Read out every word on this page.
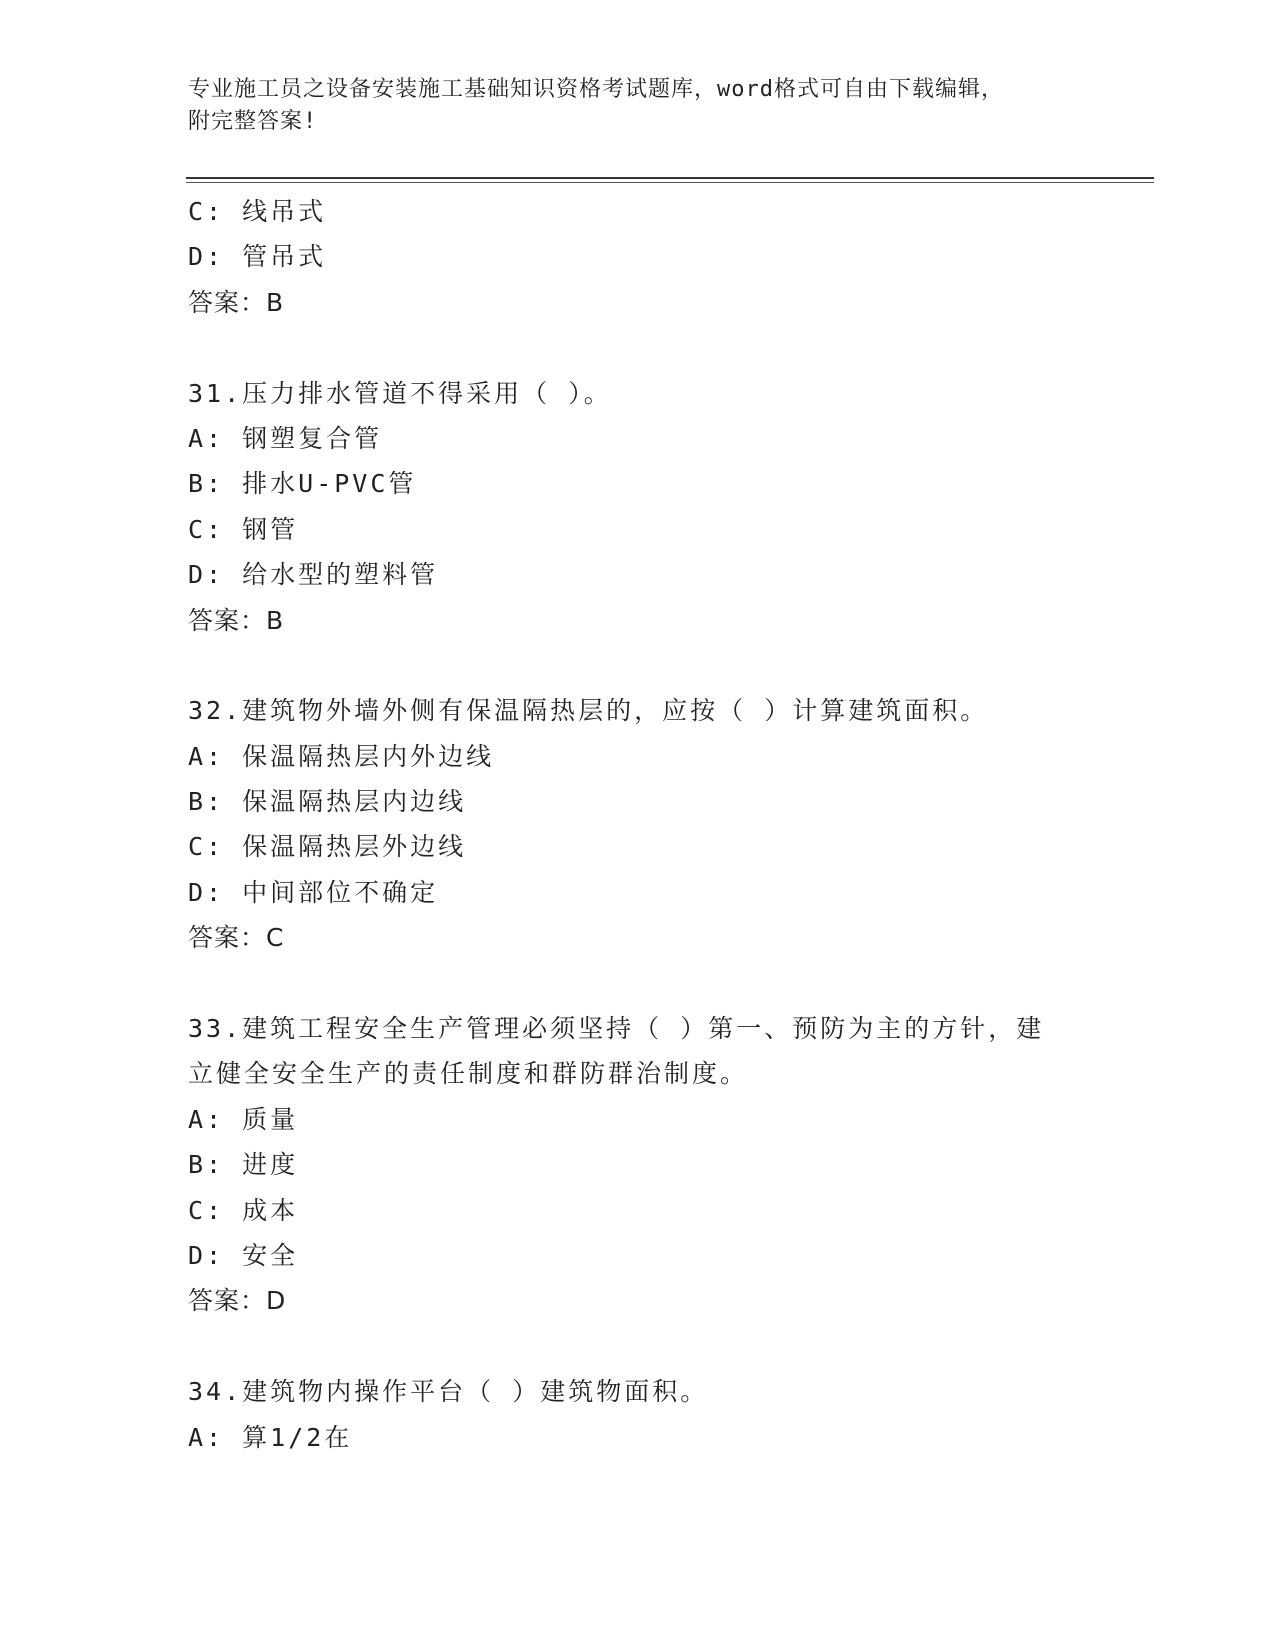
专业施工员之设备安装施工基础知识资格考试题库，word格式可自由下载编辑，
附完整答案!
C: 线吊式
D: 管吊式
答案：B
31.压力排水管道不得采用（ ）。
A: 钢塑复合管
B: 排水U-PVC管
C: 钢管
D: 给水型的塑料管
答案：B
32.建筑物外墙外侧有保温隔热层的，应按（ ）计算建筑面积。
A: 保温隔热层内外边线
B: 保温隔热层内边线
C: 保温隔热层外边线
D: 中间部位不确定
答案：C
33.建筑工程安全生产管理必须坚持（ ）第一、预防为主的方针，建
立健全安全生产的责任制度和群防群治制度。
A: 质量
B: 进度
C: 成本
D: 安全
答案：D
34.建筑物内操作平台（ ）建筑物面积。
A: 算1/2在
